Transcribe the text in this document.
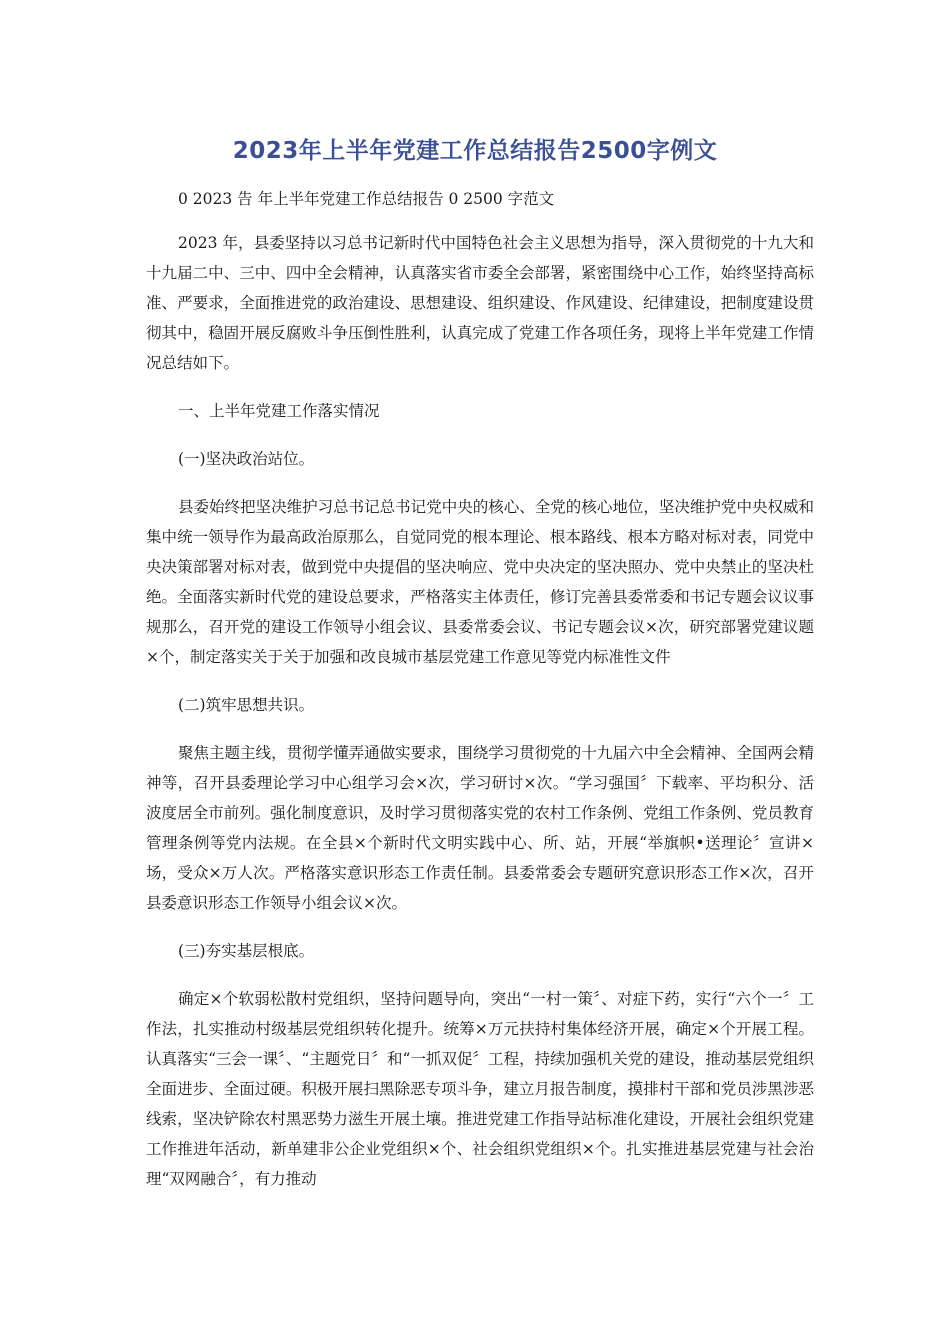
2023年上半年党建工作总结报告2500字例文

0 2023 告 年上半年党建工作总结报告 0 2500 字范文

2023 年，县委坚持以习总书记新时代中国特色社会主义思想为指导，深入贯彻党的十九大和十九届二中、三中、四中全会精神，认真落实省市委全会部署，紧密围绕中心工作，始终坚持高标准、严要求，全面推进党的政治建设、思想建设、组织建设、作风建设、纪律建设，把制度建设贯彻其中，稳固开展反腐败斗争压倒性胜利，认真完成了党建工作各项任务，现将上半年党建工作情况总结如下。

一、上半年党建工作落实情况

(一)坚决政治站位。

县委始终把坚决维护习总书记总书记党中央的核心、全党的核心地位，坚决维护党中央权威和集中统一领导作为最高政治原那么，自觉同党的根本理论、根本路线、根本方略对标对表，同党中央决策部署对标对表，做到党中央提倡的坚决响应、党中央决定的坚决照办、党中央禁止的坚决杜绝。全面落实新时代党的建设总要求，严格落实主体责任，修订完善县委常委和书记专题会议议事规那么，召开党的建设工作领导小组会议、县委常委会议、书记专题会议×次，研究部署党建议题×个，制定落实关于关于加强和改良城市基层党建工作意见等党内标准性文件

(二)筑牢思想共识。

聚焦主题主线，贯彻学懂弄通做实要求，围绕学习贯彻党的十九届六中全会精神、全国两会精神等，召开县委理论学习中心组学习会×次，学习研讨×次。“学习强国〞下载率、平均积分、活波度居全市前列。强化制度意识，及时学习贯彻落实党的农村工作条例、党组工作条例、党员教育管理条例等党内法规。在全县×个新时代文明实践中心、所、站，开展“举旗帜•送理论〞宣讲×场，受众×万人次。严格落实意识形态工作责任制。县委常委会专题研究意识形态工作×次，召开县委意识形态工作领导小组会议×次。

(三)夯实基层根底。

确定×个软弱松散村党组织，坚持问题导向，突出“一村一策〞、对症下药，实行“六个一〞工作法，扎实推动村级基层党组织转化提升。统筹×万元扶持村集体经济开展，确定×个开展工程。认真落实“三会一课〞、“主题党日〞和“一抓双促〞工程，持续加强机关党的建设，推动基层党组织全面进步、全面过硬。积极开展扫黑除恶专项斗争，建立月报告制度，摸排村干部和党员涉黑涉恶线索，坚决铲除农村黑恶势力滋生开展土壤。推进党建工作指导站标准化建设，开展社会组织党建工作推进年活动，新单建非公企业党组织×个、社会组织党组织×个。扎实推进基层党建与社会治理“双网融合〞，有力推动
